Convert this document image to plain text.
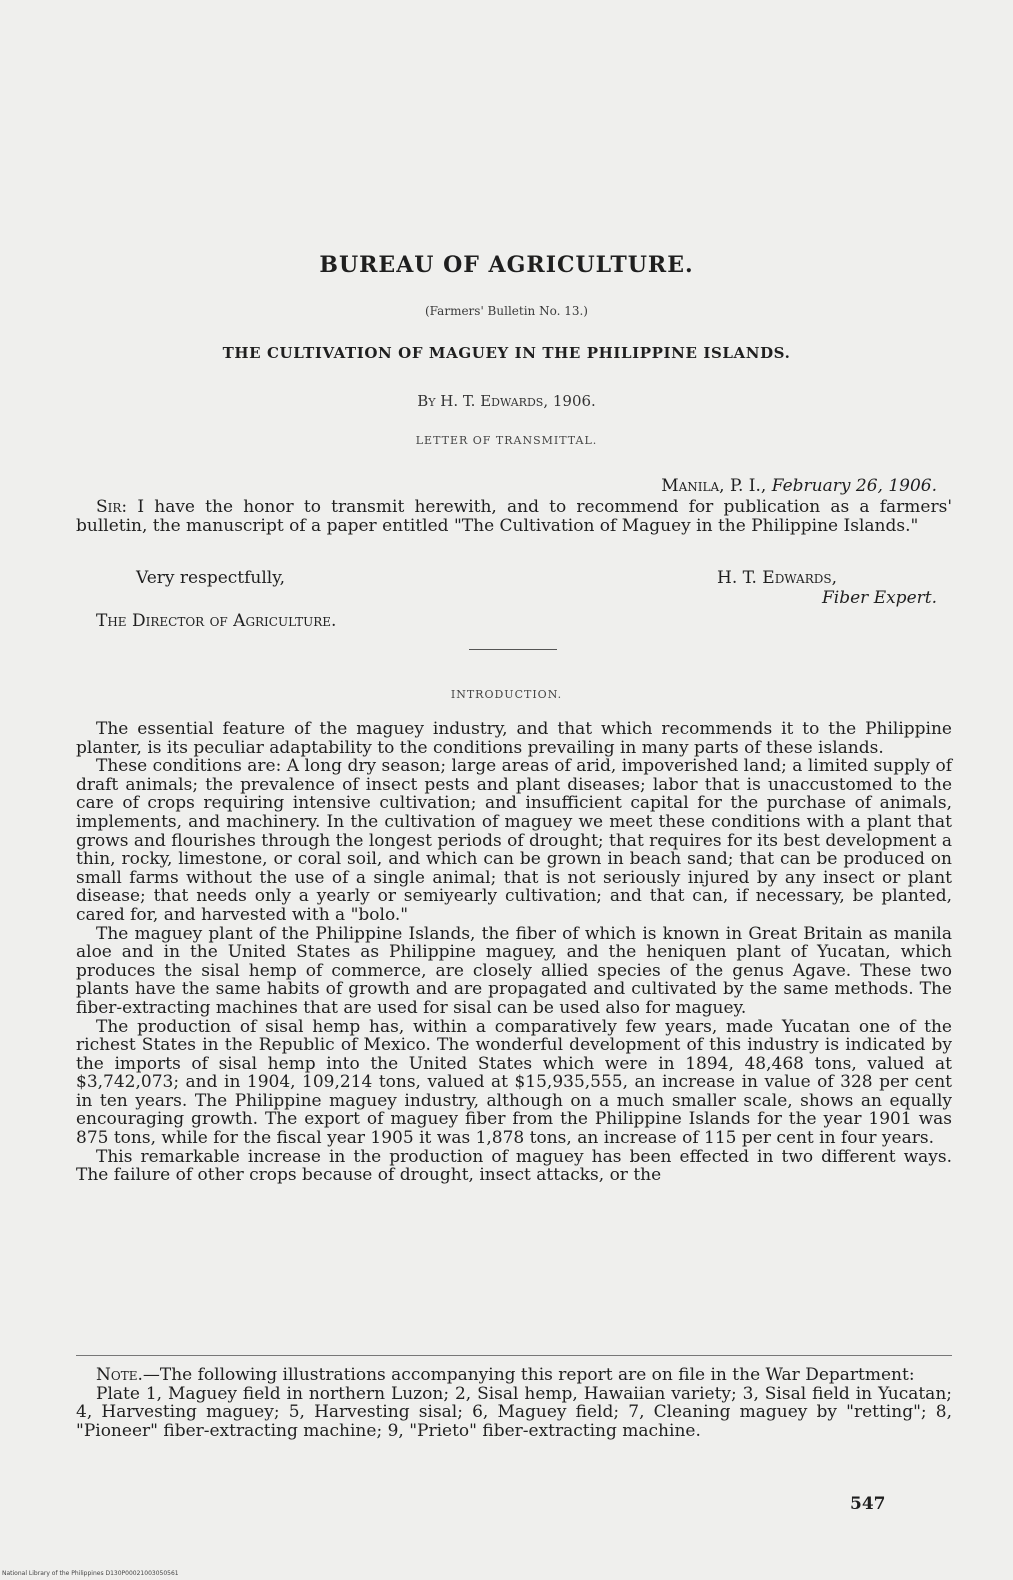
BUREAU OF AGRICULTURE.
(Farmers' Bulletin No. 13.)
THE CULTIVATION OF MAGUEY IN THE PHILIPPINE ISLANDS.
By H. T. Edwards, 1906.
LETTER OF TRANSMITTAL.
Manila, P. I., February 26, 1906.

Sir: I have the honor to transmit herewith, and to recommend for publication as a farmers' bulletin, the manuscript of a paper entitled "The Cultivation of Maguey in the Philippine Islands."

Very respectfully,	H. T. Edwards,
Fiber Expert.
The Director of Agriculture.
INTRODUCTION.

The essential feature of the maguey industry, and that which recommends it to the Philippine planter, is its peculiar adaptability to the conditions prevailing in many parts of these islands.

These conditions are: A long dry season; large areas of arid, impoverished land; a limited supply of draft animals; the prevalence of insect pests and plant diseases; labor that is unaccustomed to the care of crops requiring intensive cultivation; and insufficient capital for the purchase of animals, implements, and machinery. In the cultivation of maguey we meet these conditions with a plant that grows and flourishes through the longest periods of drought; that requires for its best development a thin, rocky, limestone, or coral soil, and which can be grown in beach sand; that can be produced on small farms without the use of a single animal; that is not seriously injured by any insect or plant disease; that needs only a yearly or semiyearly cultivation; and that can, if necessary, be planted, cared for, and harvested with a "bolo."

The maguey plant of the Philippine Islands, the fiber of which is known in Great Britain as manila aloe and in the United States as Philippine maguey, and the heniquen plant of Yucatan, which produces the sisal hemp of commerce, are closely allied species of the genus Agave. These two plants have the same habits of growth and are propagated and cultivated by the same methods. The fiber-extracting machines that are used for sisal can be used also for maguey.

The production of sisal hemp has, within a comparatively few years, made Yucatan one of the richest States in the Republic of Mexico. The wonderful development of this industry is indicated by the imports of sisal hemp into the United States which were in 1894, 48,468 tons, valued at $3,742,073; and in 1904, 109,214 tons, valued at $15,935,555, an increase in value of 328 per cent in ten years. The Philippine maguey industry, although on a much smaller scale, shows an equally encouraging growth. The export of maguey fiber from the Philippine Islands for the year 1901 was 875 tons, while for the fiscal year 1905 it was 1,878 tons, an increase of 115 per cent in four years.

This remarkable increase in the production of maguey has been effected in two different ways. The failure of other crops because of drought, insect attacks, or the

Note.—The following illustrations accompanying this report are on file in the War Department:

Plate 1, Maguey field in northern Luzon; 2, Sisal hemp, Hawaiian variety; 3, Sisal field in Yucatan; 4, Harvesting maguey; 5, Harvesting sisal; 6, Maguey field; 7, Cleaning maguey by "retting"; 8, "Pioneer" fiber-extracting machine; 9, "Prieto" fiber-extracting machine.

547
National Library of the Philippines D130P00021003050561
